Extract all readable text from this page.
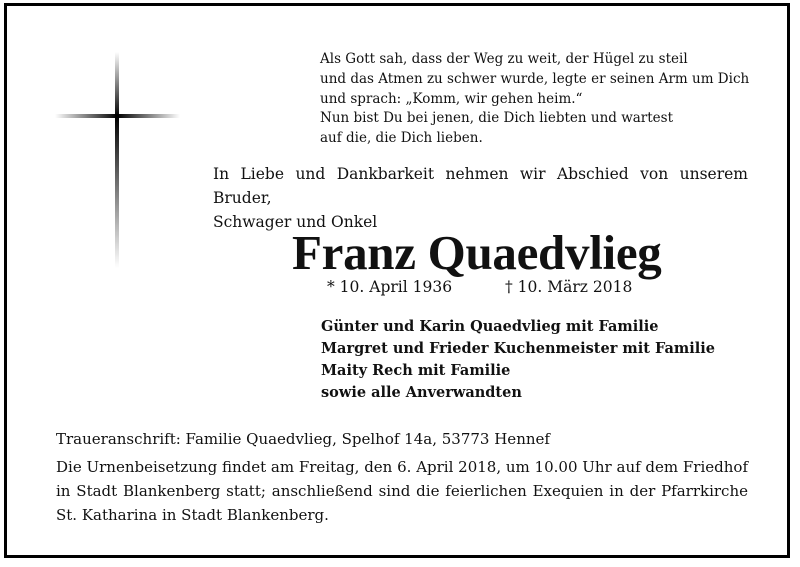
Als Gott sah, dass der Weg zu weit, der Hügel zu steil
und das Atmen zu schwer wurde, legte er seinen Arm um Dich
und sprach: „Komm, wir gehen heim.“
Nun bist Du bei jenen, die Dich liebten und wartest
auf die, die Dich lieben.
In Liebe und Dankbarkeit nehmen wir Abschied von unserem Bruder,
Schwager und Onkel
Franz Quaedvlieg
* 10. April 1936	† 10. März 2018
Günter und Karin Quaedvlieg mit Familie
Margret und Frieder Kuchenmeister mit Familie
Maity Rech mit Familie
sowie alle Anverwandten
Traueranschrift: Familie Quaedvlieg, Spelhof 14a, 53773 Hennef
Die Urnenbeisetzung findet am Freitag, den 6. April 2018, um 10.00 Uhr auf dem Friedhof
in Stadt Blankenberg statt; anschließend sind die feierlichen Exequien in der Pfarrkirche
St. Katharina in Stadt Blankenberg.
